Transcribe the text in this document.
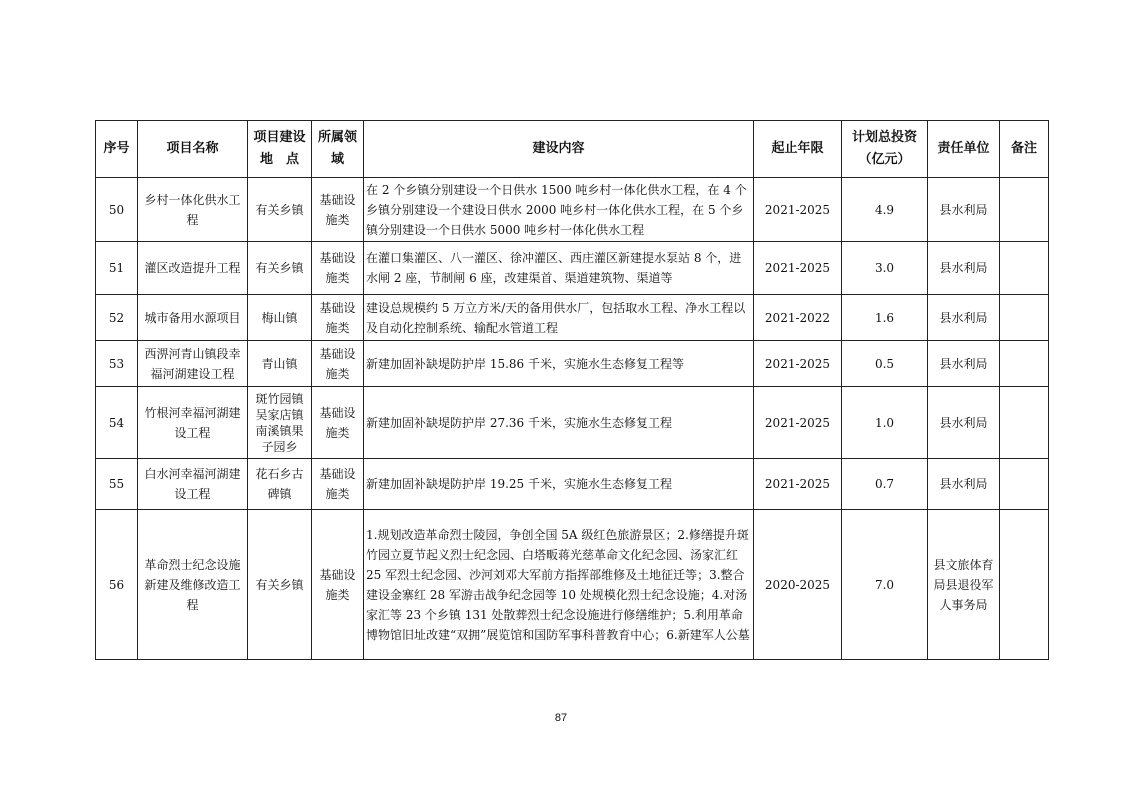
序号	项目名称	项目建设地　点	所属领域	建设内容	起止年限	计划总投资（亿元）	责任单位	备注
50	乡村一体化供水工程	有关乡镇	基础设施类	在 2 个乡镇分别建设一个日供水 1500 吨乡村一体化供水工程，在 4 个乡镇分别建设一个建设日供水 2000 吨乡村一体化供水工程，在 5 个乡镇分别建设一个日供水 5000 吨乡村一体化供水工程	2021-2025	4.9	县水利局	
51	灌区改造提升工程	有关乡镇	基础设施类	在灌口集灌区、八一灌区、徐冲灌区、西庄灌区新建提水泵站 8 个，进水闸 2 座，节制闸 6 座，改建渠首、渠道建筑物、渠道等	2021-2025	3.0	县水利局	
52	城市备用水源项目	梅山镇	基础设施类	建设总规模约 5 万立方米/天的备用供水厂，包括取水工程、净水工程以及自动化控制系统、输配水管道工程	2021-2022	1.6	县水利局	
53	西淠河青山镇段幸福河湖建设工程	青山镇	基础设施类	新建加固补缺堤防护岸 15.86 千米，实施水生态修复工程等	2021-2025	0.5	县水利局	
54	竹根河幸福河湖建设工程	斑竹园镇吴家店镇南溪镇果子园乡	基础设施类	新建加固补缺堤防护岸 27.36 千米，实施水生态修复工程	2021-2025	1.0	县水利局	
55	白水河幸福河湖建设工程	花石乡古碑镇	基础设施类	新建加固补缺堤防护岸 19.25 千米，实施水生态修复工程	2021-2025	0.7	县水利局	
56	革命烈士纪念设施新建及维修改造工程	有关乡镇	基础设施类	1.规划改造革命烈士陵园，争创全国 5A 级红色旅游景区；2.修缮提升斑竹园立夏节起义烈士纪念园、白塔畈蒋光慈革命文化纪念园、汤家汇红 25 军烈士纪念园、沙河刘邓大军前方指挥部维修及土地征迁等；3.整合建设金寨红 28 军游击战争纪念园等 10 处规模化烈士纪念设施；4.对汤家汇等 23 个乡镇 131 处散葬烈士纪念设施进行修缮维护；5.利用革命博物馆旧址改建“双拥”展览馆和国防军事科普教育中心；6.新建军人公墓	2020-2025	7.0	县文旅体育局县退役军人事务局	
87
